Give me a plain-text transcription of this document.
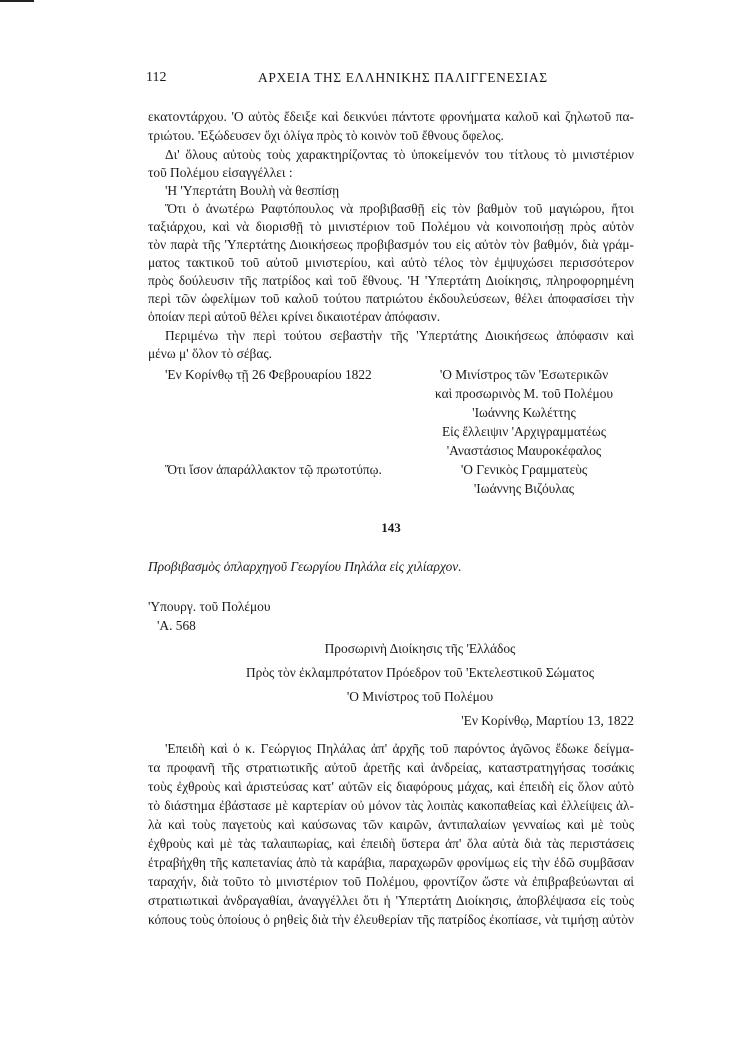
112	ΑΡΧΕΙΑ ΤΗΣ ΕΛΛΗΝΙΚΗΣ ΠΑΛΙΓΓΕΝΕΣΙΑΣ
εκατοντάρχου. 'Ο αὐτὸς ἔδειξε καὶ δεικνύει πάντοτε φρονήματα καλοῦ καὶ ζηλωτοῦ πα-
τριώτου. 'Εξώδευσεν ὄχι ὀλίγα πρὸς τὸ κοινὸν τοῦ ἔθνους ὄφελος.
Δι' ὅλους αὐτοὺς τοὺς χαρακτηρίζοντας τὸ ὑποκείμενόν του τίτλους τὸ μινιστέριον
τοῦ Πολέμου εἰσαγγέλλει :
'Η 'Υπερτάτη Βουλὴ νὰ θεσπίσῃ
Ὅτι ὁ ἀνωτέρω Ραφτόπουλος νὰ προβιβασθῇ εἰς τὸν βαθμὸν τοῦ μαγιώρου, ἤτοι
ταξιάρχου, καὶ νὰ διορισθῇ τὸ μινιστέριον τοῦ Πολέμου νὰ κοινοποιήσῃ πρὸς αὐτὸν
τὸν παρὰ τῆς 'Υπερτάτης Διοικήσεως προβιβασμόν του εἰς αὐτὸν τὸν βαθμόν, διὰ γράμ-
ματος τακτικοῦ τοῦ αὐτοῦ μινιστερίου, καὶ αὐτὸ τέλος τὸν ἐμψυχώσει περισσότερον
πρὸς δούλευσιν τῆς πατρίδος καὶ τοῦ ἔθνους. 'Η 'Υπερτάτη Διοίκησις, πληροφορημένη
περὶ τῶν ὠφελίμων τοῦ καλοῦ τούτου πατριώτου ἐκδουλεύσεων, θέλει ἀποφασίσει τὴν
ὁποίαν περὶ αὐτοῦ θέλει κρίνει δικαιοτέραν ἀπόφασιν.
Περιμένω τὴν περὶ τούτου σεβαστὴν τῆς 'Υπερτάτης Διοικήσεως ἀπόφασιν καὶ
μένω μ' ὅλον τὸ σέβας.
'Εν Κορίνθῳ τῇ 26 Φεβρουαρίου 1822	'Ο Μινίστρος τῶν 'Εσωτερικῶν
καὶ προσωρινὸς Μ. τοῦ Πολέμου
'Ιωάννης Κωλέττης
Εἰς ἔλλειψιν 'Αρχιγραμματέως
'Αναστάσιος Μαυροκέφαλος
Ὅτι ἴσον ἀπαράλλακτον τῷ πρωτοτύπῳ.	'Ο Γενικὸς Γραμματεὺς
'Ιωάννης Βιζόυλας
143
Προβιβασμὸς ὁπλαρχηγοῦ Γεωργίου Πηλάλα εἰς χιλίαρχον.
'Υπουργ. τοῦ Πολέμου
'Α. 568
Προσωρινὴ Διοίκησις τῆς 'Ελλάδος
Πρὸς τὸν ἐκλαμπρότατον Πρόεδρον τοῦ 'Εκτελεστικοῦ Σώματος
'Ο Μινίστρος τοῦ Πολέμου
'Εν Κορίνθῳ, Μαρτίου 13, 1822
'Επειδὴ καὶ ὁ κ. Γεώργιος Πηλάλας ἀπ' ἀρχῆς τοῦ παρόντος ἀγῶνος ἔδωκε δείγμα-
τα προφανῆ τῆς στρατιωτικῆς αὐτοῦ ἀρετῆς καὶ ἀνδρείας, καταστρατηγήσας τοσάκις
τοὺς ἐχθροὺς καὶ ἀριστεύσας κατ' αὐτῶν εἰς διαφόρους μάχας, καὶ ἐπειδὴ εἰς ὅλον αὐτὸ
τὸ διάστημα ἐβάστασε μὲ καρτερίαν οὐ μόνον τὰς λοιπὰς κακοπαθείας καὶ ἐλλείψεις ἀλ-
λὰ καὶ τοὺς παγετοὺς καὶ καύσωνας τῶν καιρῶν, ἀντιπαλαίων γενναίως καὶ μὲ τοὺς
ἐχθροὺς καὶ μὲ τὰς ταλαιπωρίας, καὶ ἐπειδὴ ὕστερα ἀπ' ὅλα αὐτὰ διὰ τὰς περιστάσεις
ἐτραβήχθη τῆς καπετανίας ἀπὸ τὰ καράβια, παραχωρῶν φρονίμως εἰς τὴν ἐδῶ συμβᾶσαν
ταραχήν, διὰ τοῦτο τὸ μινιστέριον τοῦ Πολέμου, φροντίζον ὥστε νὰ ἐπιβραβεύωνται αἱ
στρατιωτικαὶ ἀνδραγαθίαι, ἀναγγέλλει ὅτι ἡ 'Υπερτάτη Διοίκησις, ἀποβλέψασα εἰς τοὺς
κόπους τοὺς ὁποίους ὁ ρηθεὶς διὰ τὴν ἐλευθερίαν τῆς πατρίδος ἐκοπίασε, νὰ τιμήσῃ αὐτὸν
